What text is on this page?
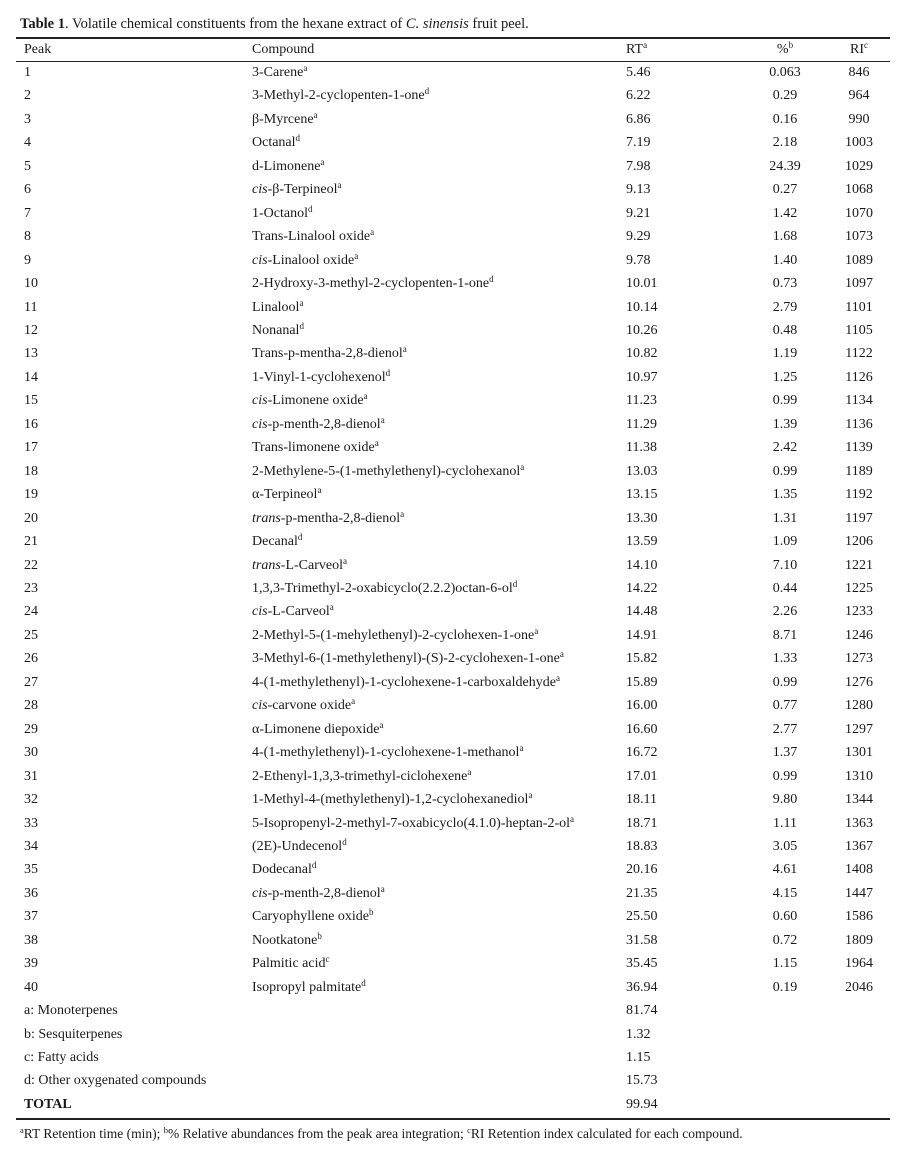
Table 1. Volatile chemical constituents from the hexane extract of C. sinensis fruit peel.
Peak	Compound	$RT^a$	%$^b$	$RI^c$
1	3-Carene$^a$	5.46	0.063	846
2	3-Methyl-2-cyclopenten-1-one$^d$	6.22	0.29	964
3	β-Myrcene$^a$	6.86	0.16	990
4	Octanal$^d$	7.19	2.18	1003
5	d-Limonene$^a$	7.98	24.39	1029
6	cis-β-Terpineol$^a$	9.13	0.27	1068
7	1-Octanol$^d$	9.21	1.42	1070
8	Trans-Linalool oxide$^a$	9.29	1.68	1073
9	cis-Linalool oxide$^a$	9.78	1.40	1089
10	2-Hydroxy-3-methyl-2-cyclopenten-1-one$^d$	10.01	0.73	1097
11	Linalool$^a$	10.14	2.79	1101
12	Nonanal$^d$	10.26	0.48	1105
13	Trans-p-mentha-2,8-dienol$^a$	10.82	1.19	1122
14	1-Vinyl-1-cyclohexenol$^d$	10.97	1.25	1126
15	cis-Limonene oxide$^a$	11.23	0.99	1134
16	cis-p-menth-2,8-dienol$^a$	11.29	1.39	1136
17	Trans-limonene oxide$^a$	11.38	2.42	1139
18	2-Methylene-5-(1-methylethenyl)-cyclohexanol$^a$	13.03	0.99	1189
19	α-Terpineol$^a$	13.15	1.35	1192
20	trans-p-mentha-2,8-dienol$^a$	13.30	1.31	1197
21	Decanal$^d$	13.59	1.09	1206
22	trans-L-Carveol$^a$	14.10	7.10	1221
23	$1,3,3-Trimethyl-2-oxabicyclo(2.2.2)octan-6-ol^d$	14.22	0.44	1225
24	cis-L-Carveol$^a$	14.48	2.26	1233
25	2-Methyl-5-(1-mehylethenyl)-2-cyclohexen-1-one$^a$	14.91	8.71	1246
26	3-Methyl-6-(1-methylethenyl)-(S)-2-cyclohexen-1-one$^a$	15.82	1.33	1273
27	4-(1-methylethenyl)-1-cyclohexene-1-carboxaldehyde$^a$	15.89	0.99	1276
28	cis-carvone oxide$^a$	16.00	0.77	1280
29	α-Limonene diepoxide$^a$	16.60	2.77	1297
30	4-(1-methylethenyl)-1-cyclohexene-1-methanol$^a$	16.72	1.37	1301
31	2-Ethenyl-1,3,3-trimethyl-ciclohexene$^a$	17.01	0.99	1310
32	1-Methyl-4-(methylethenyl)-1,2-cyclohexanediol$^a$	18.11	9.80	1344
33	$5-Isopropenyl-2-methyl-7-oxabicyclo(4.1.0)-heptan-2-ol^a$	18.71	1.11	1363
34	(2E)-Undecenol$^d$	18.83	3.05	1367
35	Dodecanal$^d$	20.16	4.61	1408
36	cis-p-menth-2,8-dienol$^a$	21.35	4.15	1447
37	Caryophyllene oxide$^b$	25.50	0.60	1586
38	Nootkatone$^b$	31.58	0.72	1809
39	Palmitic acid$^c$	35.45	1.15	1964
40	Isopropyl palmitate$^d$	36.94	0.19	2046
a: Monoterpenes		81.74		
b: Sesquiterpenes		1.32		
c: Fatty acids		1.15		
d: Other oxygenated compounds		15.73		
TOTAL		99.94		
$^a$RT Retention time (min); $^b$% Relative abundances from the peak area integration; $^c$RI Retention index calculated for each compound.
